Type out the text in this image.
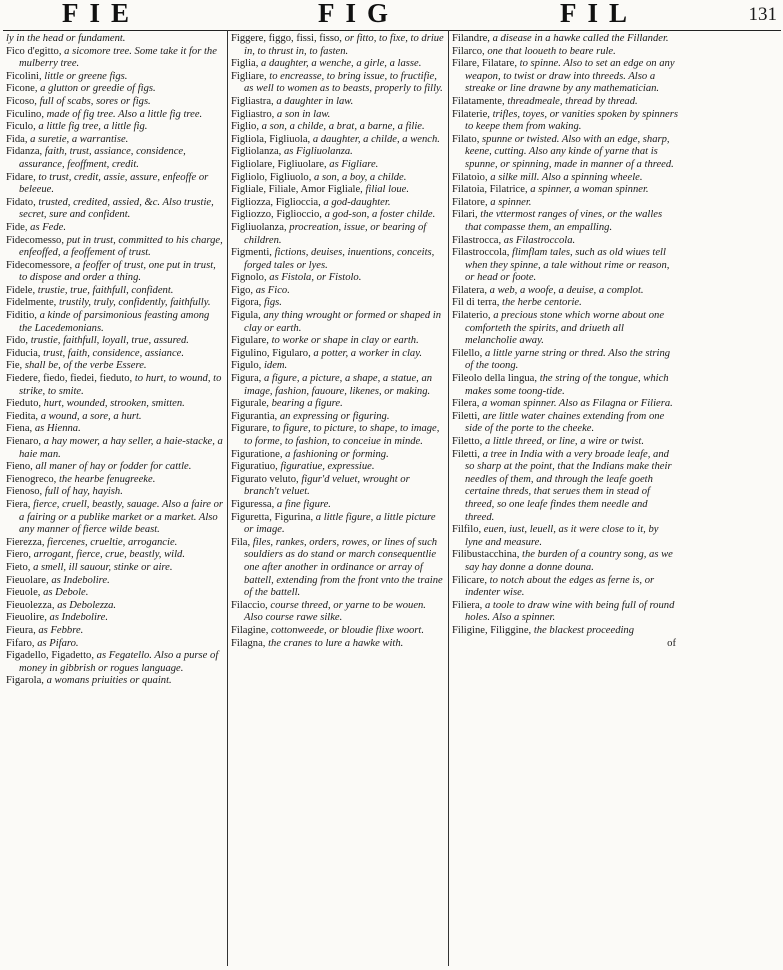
FIE	FIG	FIL	131

ly in the head or fundament.

Fico d'egitto, a sicomore tree. Some take it for the mulberry tree.

Ficolini, little or greene figs.

Ficone, a glutton or greedie of figs.

Ficoso, full of scabs, sores or figs.

Ficulino, made of fig tree. Also a little fig tree.

Ficulo, a little fig tree, a little fig.

Fida, a suretie, a warrantise.

Fidanza, faith, trust, assiance, considence, assurance, feoffment, credit.

Fidare, to trust, credit, assie, assure, enfeoffe or beleeue.

Fidato, trusted, credited, assied, &c. Also trustie, secret, sure and confident.

Fide, as Fede.

Fidecomesso, put in trust, committed to his charge, enfeoffed, a feoffement of trust.

Fidecomessore, a feoffer of trust, one put in trust, to dispose and order a thing.

Fidele, trustie, true, faithfull, confident.

Fidelmente, trustily, truly, confidently, faithfully.

Fiditio, a kinde of parsimonious feasting among the Lacedemonians.

Fido, trustie, faithfull, loyall, true, assured.

Fiducia, trust, faith, considence, assiance.

Fie, shall be, of the verbe Essere.

Fiedere, fiedo, fiedei, fieduto, to hurt, to wound, to strike, to smite.

Fieduto, hurt, wounded, strooken, smitten.

Fiedita, a wound, a sore, a hurt.

Fiena, as Hienna.

Fienaro, a hay mower, a hay seller, a haie-stacke, a haie man.

Fieno, all maner of hay or fodder for cattle.

Fienogreco, the hearbe fenugreeke.

Fienoso, full of hay, hayish.

Fiera, fierce, cruell, beastly, sauage. Also a faire or a fairing or a publike market or a market. Also any manner of fierce wilde beast.

Fierezza, fiercenes, crueltie, arrogancie.

Fiero, arrogant, fierce, crue, beastly, wild.

Fieto, a smell, ill sauour, stinke or aire.

Fieuolare, as Indebolire.

Fieuole, as Debole.

Fieuolezza, as Debolezza.

Fieuolire, as Indebolire.

Fieura, as Febbre.

Fifaro, as Pifaro.

Figadello, Figadetto, as Fegatello. Also a purse of money in gibbrish or rogues language.

Figarola, a womans priuities or quaint.

Figgere, figgo, fissi, fisso, or fitto, to fixe, to driue in, to thrust in, to fasten.

Figlia, a daughter, a wenche, a girle, a lasse.

Figliare, to encreasse, to bring issue, to fructifie, as well to women as to beasts, properly to filly.

Figliastra, a daughter in law.

Figliastro, a son in law.

Figlio, a son, a childe, a brat, a barne, a filie.

Figliola, Figliuola, a daughter, a childe, a wench.

Figliolanza, as Figliuolanza.

Figliolare, Figliuolare, as Figliare.

Figliolo, Figliuolo, a son, a boy, a childe.

Figliale, Filiale, Amor Figliale, filial loue.

Figliozza, Figlioccia, a god-daughter.

Figliozzo, Figlioccio, a god-son, a foster childe.

Figliuolanza, procreation, issue, or bearing of children.

Figmenti, fictions, deuises, inuentions, conceits, forged tales or lyes.

Fignolo, as Fistola, or Fistolo.

Figo, as Fico.

Figora, figs.

Figula, any thing wrought or formed or shaped in clay or earth.

Figulare, to worke or shape in clay or earth.

Figulino, Figularo, a potter, a worker in clay.

Figulo, idem.

Figura, a figure, a picture, a shape, a statue, an image, fashion, fauoure, likenes, or making.

Figurale, bearing a figure.

Figurantia, an expressing or figuring.

Figurare, to figure, to picture, to shape, to image, to forme, to fashion, to conceiue in minde.

Figuratione, a fashioning or forming.

Figuratiuo, figuratiue, expressiue.

Figurato veluto, figur'd veluet, wrought or branch't veluet.

Figuressa, a fine figure.

Figuretta, Figurina, a little figure, a little picture or image.

Fila, files, rankes, orders, rowes, or lines of such souldiers as do stand or march consequentlie one after another in ordinance or array of battell, extending from the front vnto the traine of the battell.

Filaccio, course threed, or yarne to be wouen. Also course rawe silke.

Filagine, cottonweede, or bloudie flixe woort.

Filagna, the cranes to lure a hawke with.

Filandre, a disease in a hawke called the Fillander.

Filarco, one that looueth to beare rule.

Filare, Filatare, to spinne. Also to set an edge on any weapon, to twist or draw into threeds. Also a streake or line drawne by any mathematician.

Filatamente, threadmeale, thread by thread.

Filaterie, trifles, toyes, or vanities spoken by spinners to keepe them from waking.

Filato, spunne or twisted. Also with an edge, sharp, keene, cutting. Also any kinde of yarne that is spunne, or spinning, made in manner of a threed.

Filatoio, a silke mill. Also a spinning wheele.

Filatoia, Filatrice, a spinner, a woman spinner.

Filatore, a spinner.

Filari, the vttermost ranges of vines, or the walles that compasse them, an empalling.

Filastrocca, as Filastroccola.

Filastroccola, flimflam tales, such as old wiues tell when they spinne, a tale without rime or reason, or head or foote.

Filatera, a web, a woofe, a deuise, a complot.

Fil di terra, the herbe centorie.

Filaterio, a precious stone which worne about one comforteth the spirits, and driueth all melancholie away.

Filello, a little yarne string or thred. Also the string of the toong.

Fileolo della lingua, the string of the tongue, which makes some toong-tide.

Filera, a woman spinner. Also as Filagna or Filiera.

Filetti, are little water chaines extending from one side of the porte to the cheeke.

Filetto, a little threed, or line, a wire or twist.

Filetti, a tree in India with a very broade leafe, and so sharp at the point, that the Indians make their needles of them, and through the leafe goeth certaine threds, that serues them in stead of threed, so one leafe findes them needle and threed.

Filfilo, euen, iust, leuell, as it were close to it, by lyne and measure.

Filibustacchina, the burden of a country song, as we say hay donne a donne douna.

Filicare, to notch about the edges as ferne is, or indenter wise.

Filiera, a toole to draw wine with being full of round holes. Also a spinner.

Filigine, Filiggine, the blackest proceeding

of
